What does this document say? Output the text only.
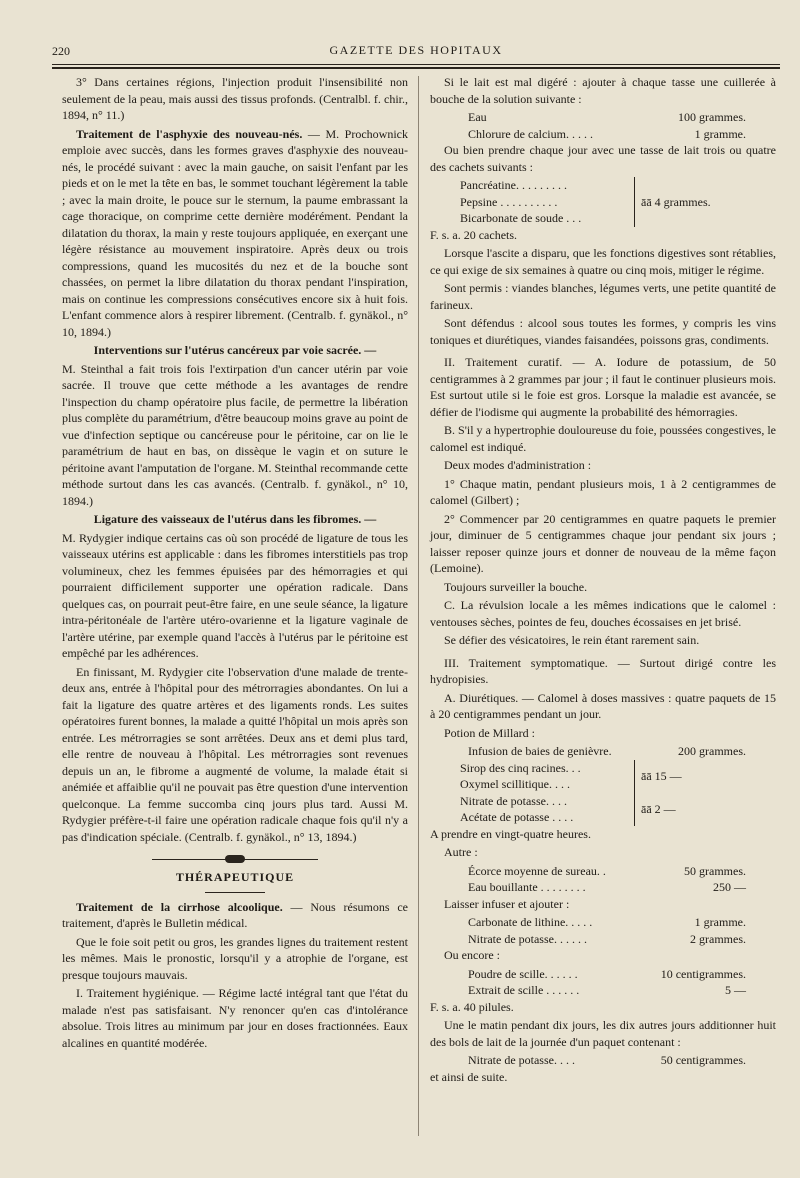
220	GAZETTE DES HOPITAUX

3° Dans certaines régions, l'injection produit l'insensibilité non seulement de la peau, mais aussi des tissus profonds. (Centralbl. f. chir., 1894, n° 11.)

Traitement de l'asphyxie des nouveau-nés. — M. Prochownick emploie avec succès, dans les formes graves d'asphyxie des nouveau-nés, le procédé suivant : avec la main gauche, on saisit l'enfant par les pieds et on le met la tête en bas, le sommet touchant légèrement la table ; avec la main droite, le pouce sur le sternum, la paume embrassant la cage thoracique, on comprime cette dernière modérément. Pendant la dilatation du thorax, la main y reste toujours appliquée, en exerçant une légère résistance au mouvement inspiratoire. Après deux ou trois compressions, quand les mucosités du nez et de la bouche sont chassées, on permet la libre dilatation du thorax pendant l'inspiration, mais on continue les compressions consécutives encore six à huit fois. L'enfant commence alors à respirer librement. (Centralb. f. gynäkol., n° 10, 1894.)

Interventions sur l'utérus cancéreux par voie sacrée. —

M. Steinthal a fait trois fois l'extirpation d'un cancer utérin par voie sacrée. Il trouve que cette méthode a les avantages de rendre l'inspection du champ opératoire plus facile, de permettre la libération plus complète du paramétrium, d'être beaucoup moins grave au point de vue d'infection septique ou cancéreuse pour le péritoine, car on lie le paramétrium de haut en bas, on dissèque le vagin et on suture le péritoine avant l'amputation de l'organe. M. Steinthal recommande cette méthode surtout dans les cas avancés. (Centralb. f. gynäkol., n° 10, 1894.)

Ligature des vaisseaux de l'utérus dans les fibromes. —

M. Rydygier indique certains cas où son procédé de ligature de tous les vaisseaux utérins est applicable : dans les fibromes interstitiels pas trop volumineux, chez les femmes épuisées par des hémorragies et qui pourraient difficilement supporter une opération radicale. Dans quelques cas, on pourrait peut-être faire, en une seule séance, la ligature intra-péritonéale de l'artère utéro-ovarienne et la ligature vaginale de l'artère utérine, par exemple quand l'accès à l'utérus par le péritoine est empêché par les adhérences.

En finissant, M. Rydygier cite l'observation d'une malade de trente-deux ans, entrée à l'hôpital pour des métrorragies abondantes. On lui a fait la ligature des quatre artères et des ligaments ronds. Les suites opératoires furent bonnes, la malade a quitté l'hôpital un mois après son entrée. Les métrorragies se sont arrêtées. Deux ans et demi plus tard, elle rentre de nouveau à l'hôpital. Les métrorragies sont revenues depuis un an, le fibrome a augmenté de volume, la malade était si anémiée et affaiblie qu'il ne pouvait pas être question d'une intervention quelconque. La femme succomba cinq jours plus tard. Aussi M. Rydygier préfère-t-il faire une opération radicale chaque fois qu'il n'y a pas d'indication spéciale. (Centralb. f. gynäkol., n° 13, 1894.)

THÉRAPEUTIQUE

Traitement de la cirrhose alcoolique. — Nous résumons ce traitement, d'après le Bulletin médical.

Que le foie soit petit ou gros, les grandes lignes du traitement restent les mêmes. Mais le pronostic, lorsqu'il y a atrophie de l'organe, est presque toujours mauvais.

I. Traitement hygiénique. — Régime lacté intégral tant que l'état du malade n'est pas satisfaisant. N'y renoncer qu'en cas d'intolérance absolue. Trois litres au minimum par jour en doses fractionnées. Eaux alcalines en quantité modérée.

Si le lait est mal digéré : ajouter à chaque tasse une cuillerée à bouche de la solution suivante :

Eau	100 grammes.
Chlorure de calcium. . . . .	1 gramme.

Ou bien prendre chaque jour avec une tasse de lait trois ou quatre des cachets suivants :

Pancréatine. . . . . . . . .
Pepsine . . . . . . . . . .
Bicarbonate de soude . . .
āā 4 grammes.

F. s. a. 20 cachets.

Lorsque l'ascite a disparu, que les fonctions digestives sont rétablies, ce qui exige de six semaines à quatre ou cinq mois, mitiger le régime.

Sont permis : viandes blanches, légumes verts, une petite quantité de farineux.

Sont défendus : alcool sous toutes les formes, y compris les vins toniques et diurétiques, viandes faisandées, poissons gras, condiments.

II. Traitement curatif. — A. Iodure de potassium, de 50 centigrammes à 2 grammes par jour ; il faut le continuer plusieurs mois. Est surtout utile si le foie est gros. Lorsque la maladie est avancée, se défier de l'iodisme qui augmente la probabilité des hémorragies.

B. S'il y a hypertrophie douloureuse du foie, poussées congestives, le calomel est indiqué.

Deux modes d'administration :

1° Chaque matin, pendant plusieurs mois, 1 à 2 centigrammes de calomel (Gilbert) ;

2° Commencer par 20 centigrammes en quatre paquets le premier jour, diminuer de 5 centigrammes chaque jour pendant six jours ; laisser reposer quinze jours et donner de nouveau de la même façon (Lemoine).

Toujours surveiller la bouche.

C. La révulsion locale a les mêmes indications que le calomel : ventouses sèches, pointes de feu, douches écossaises en jet brisé.

Se défier des vésicatoires, le rein étant rarement sain.

III. Traitement symptomatique. — Surtout dirigé contre les hydropisies.

A. Diurétiques. — Calomel à doses massives : quatre paquets de 15 à 20 centigrammes pendant un jour.

Potion de Millard :

Infusion de baies de genièvre.	200 grammes.
Sirop des cinq racines. . .
Oxymel scillitique. . . .
āā 15 —
Nitrate de potasse. . . .
Acétate de potasse . . . .
āā 2 —

A prendre en vingt-quatre heures.

Autre :

Écorce moyenne de sureau. .	50 grammes.
Eau bouillante . . . . . . . .	250 —

Laisser infuser et ajouter :

Carbonate de lithine. . . . .	1 gramme.
Nitrate de potasse. . . . . .	2 grammes.

Ou encore :

Poudre de scille. . . . . .	10 centigrammes.
Extrait de scille . . . . . .	5 —

F. s. a. 40 pilules.

Une le matin pendant dix jours, les dix autres jours additionner huit des bols de lait de la journée d'un paquet contenant :

Nitrate de potasse. . . .	50 centigrammes.

et ainsi de suite.
